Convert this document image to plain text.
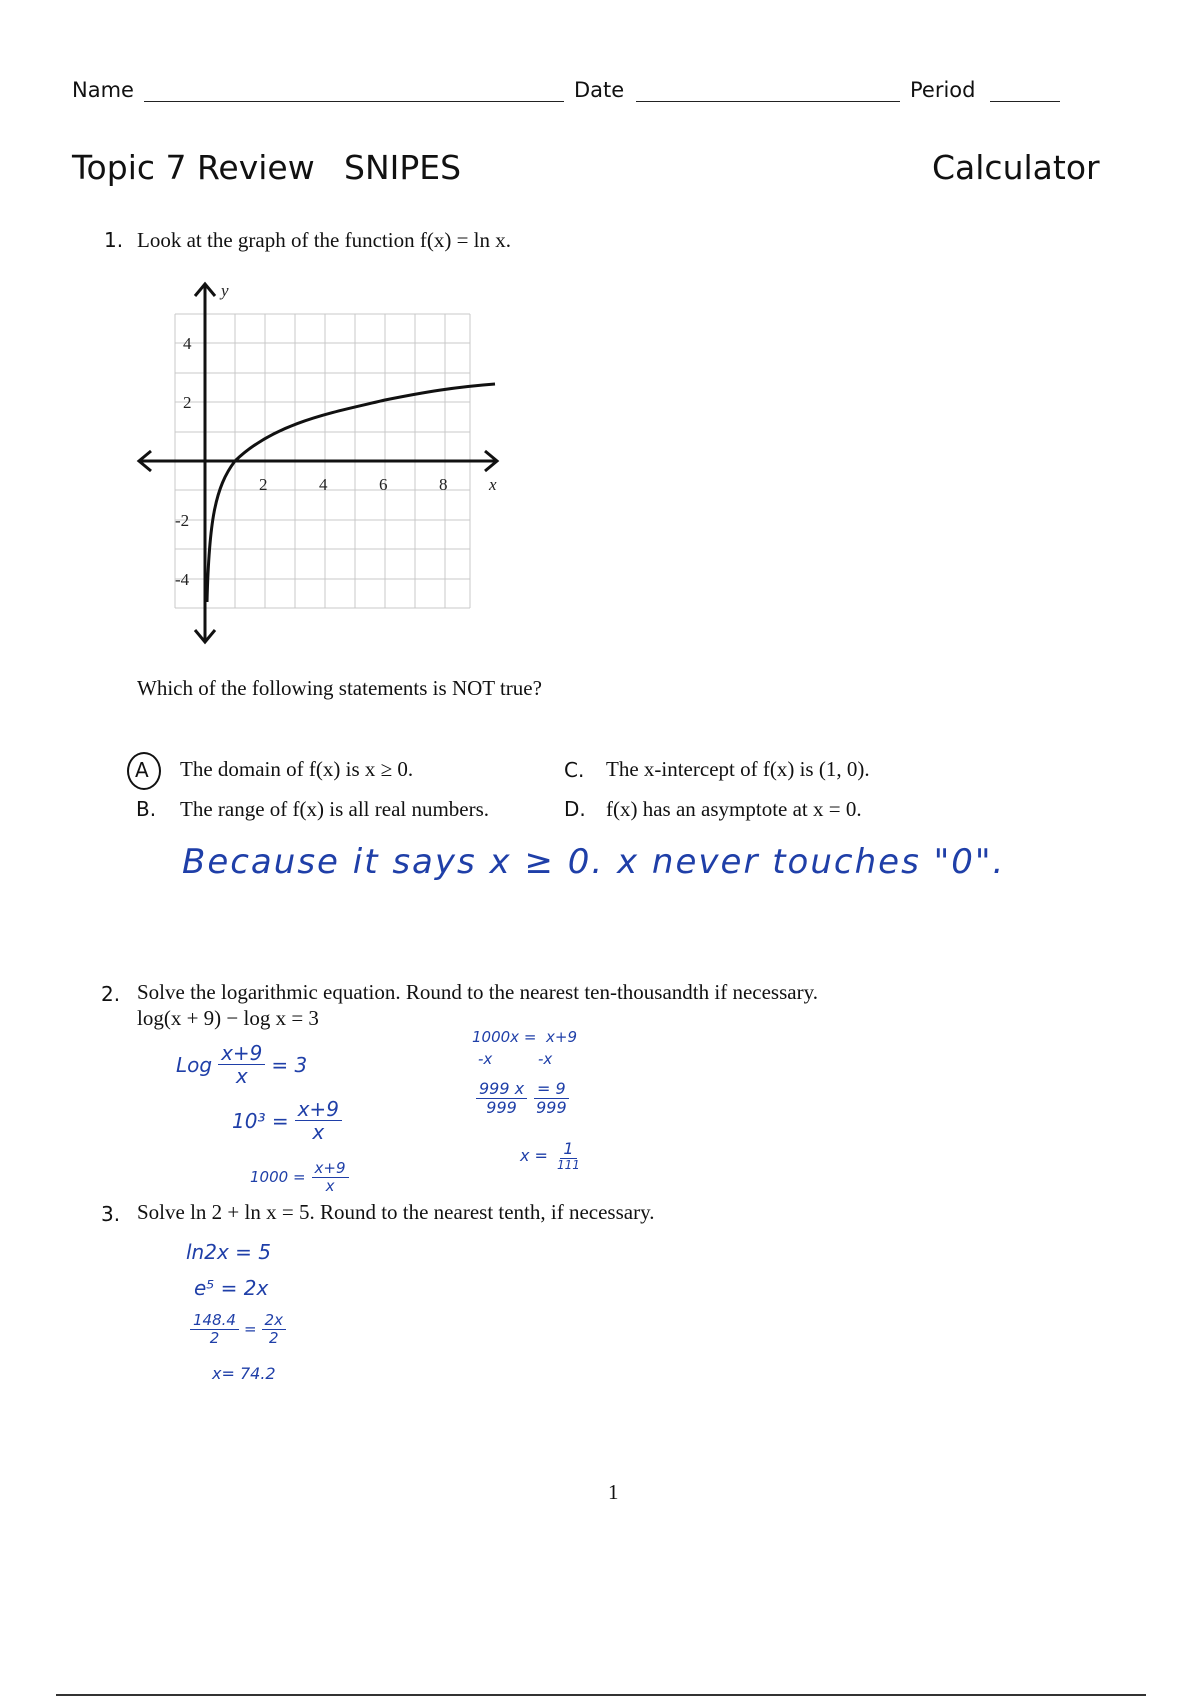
Name	Date	Period
Topic 7 Review SNIPES	Calculator
1. Look at the graph of the function f(x) = ln x.
y
x
2	4	6	8
4
2
-2
-4
Which of the following statements is NOT true?
A The domain of f(x) is x ≥ 0.
B. The range of f(x) is all real numbers.
C. The x-intercept of f(x) is (1, 0).
D. f(x) has an asymptote at x = 0.
Because it says x ≥ 0. x never touches "0".
2. Solve the logarithmic equation. Round to the nearest ten-thousandth if necessary.
log(x + 9) − log x = 3
Log $\frac{x+9}{x} = 3$
$10^3 = \frac{x+9}{x}$
$1000 = \frac{x+9}{x}$
1000x = x+9
-x	-x
$\frac{999 x}{999} \frac{= 9}{999}$
$x = \frac{1}{111}$
3. Solve ln 2 + ln x = 5. Round to the nearest tenth, if necessary.
ln2x = 5
e⁵ = 2x
$\frac{148.4}{2} = \frac{2x}{2}$
x= 74.2
1
